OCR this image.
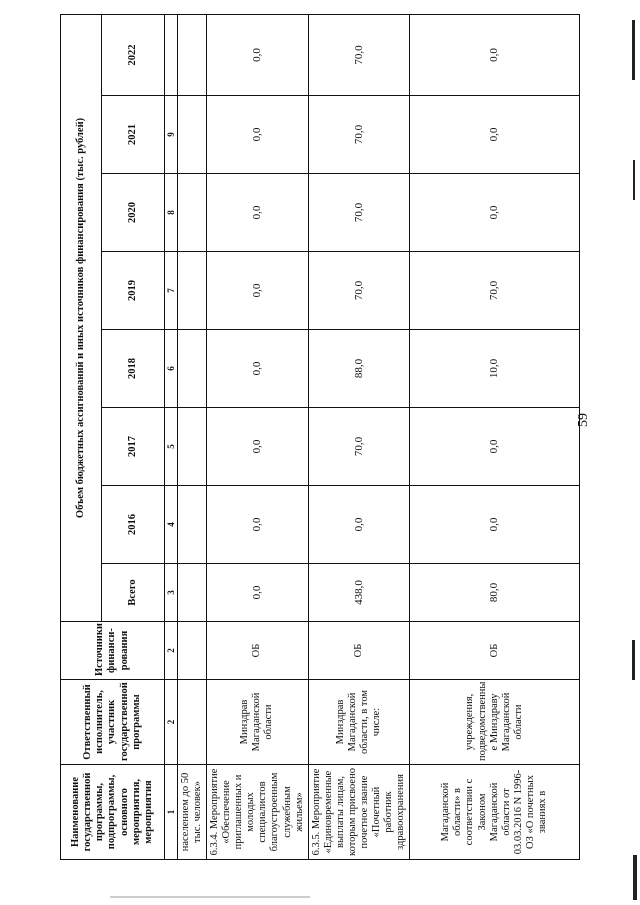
59
Наименование государственной программы, подпрограммы, основного мероприятия, мероприятия	Ответственный исполнитель, участник государственной программы	Источники финанси-рования	Объем бюджетных ассигнований и иных источников финансирования (тыс. рублей)							
			Всего	2016	2017	2018	2019	2020	2021	2022
1	2	2	3	4	5	6	7	8	9	
населением до 50 тыс. человек»										
6.3.4. Мероприятие «Обеспечение приглашенных и молодых специалистов благоустроенным служебным жильем»	Минздрав Магаданской области	ОБ	0,0	0,0	0,0	0,0	0,0	0,0	0,0	0,0
6.3.5. Мероприятие «Единовременные выплаты лицам, которым присвоено почетное звание «Почетный работник здравоохранения	Минздрав Магаданской области, в том числе:	ОБ	438,0	0,0	70,0	88,0	70,0	70,0	70,0	70,0
Магаданской области» в соответствии с Законом Магаданской области от 03.03.2016 N 1996-ОЗ «О почетных званиях в	учреждения, подведомственны е Минздраву Магаданской области	ОБ	80,0	0,0	0,0	10,0	70,0	0,0	0,0	0,0
